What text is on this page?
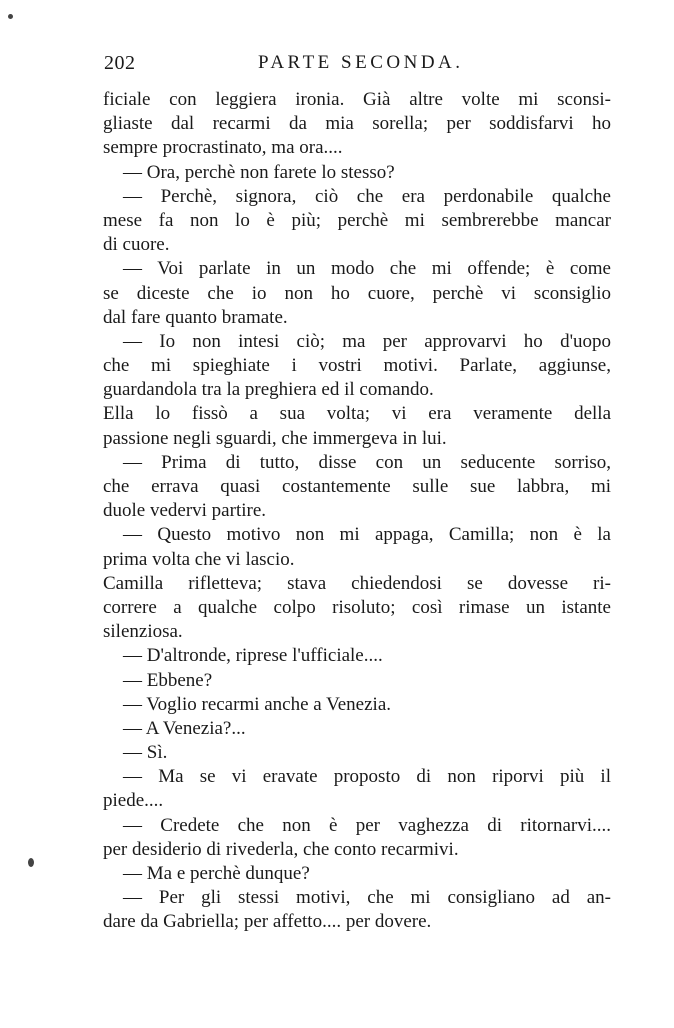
202	PARTE SECONDA.
ficiale con leggiera ironia. Già altre volte mi sconsi-
gliaste dal recarmi da mia sorella; per soddisfarvi ho
sempre procrastinato, ma ora....
— Ora, perchè non farete lo stesso?
— Perchè, signora, ciò che era perdonabile qualche
mese fa non lo è più; perchè mi sembrerebbe mancar
di cuore.
— Voi parlate in un modo che mi offende; è come
se diceste che io non ho cuore, perchè vi sconsiglio
dal fare quanto bramate.
— Io non intesi ciò; ma per approvarvi ho d'uopo
che mi spieghiate i vostri motivi. Parlate, aggiunse,
guardandola tra la preghiera ed il comando.
Ella lo fissò a sua volta; vi era veramente della
passione negli sguardi, che immergeva in lui.
— Prima di tutto, disse con un seducente sorriso,
che errava quasi costantemente sulle sue labbra, mi
duole vedervi partire.
— Questo motivo non mi appaga, Camilla; non è la
prima volta che vi lascio.
Camilla rifletteva; stava chiedendosi se dovesse ri-
correre a qualche colpo risoluto; così rimase un istante
silenziosa.
— D'altronde, riprese l'ufficiale....
— Ebbene?
— Voglio recarmi anche a Venezia.
— A Venezia?...
— Sì.
— Ma se vi eravate proposto di non riporvi più il
piede....
— Credete che non è per vaghezza di ritornarvi....
per desiderio di rivederla, che conto recarmivi.
— Ma e perchè dunque?
— Per gli stessi motivi, che mi consigliano ad an-
dare da Gabriella; per affetto.... per dovere.
